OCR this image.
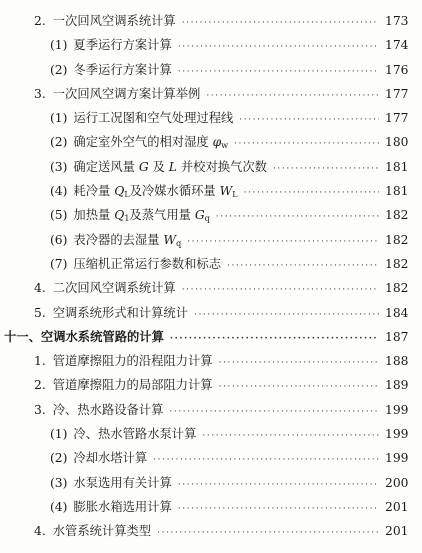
2. 一次回风空调系统计算 ·····	173
(1) 夏季运行方案计算 ·····	174
(2) 冬季运行方案计算 ·····	176
3. 一次回风空调方案计算举例 ·····	177
(1) 运行工况图和空气处理过程线 ·····	177
(2) 确定室外空气的相对湿度 $\varphi_w$ ·····	180
(3) 确定送风量 G 及 L 并校对换气次数 ·····	181
(4) 耗冷量 $Q_L$及冷媒水循环量 $W_L$ ·····	181
(5) 加热量 $Q_1$及蒸气用量 $G_q$ ·····	182
(6) 表冷器的去湿量 $W_q$ ·····	182
(7) 压缩机正常运行参数和标志 ·····	182
4. 二次回风空调系统计算 ·····	182
5. 空调系统形式和计算统计 ·····	184
十一、 空调水系统管路的计算 ·····	187
1. 管道摩擦阻力的沿程阻力计算 ·····	188
2. 管道摩擦阻力的局部阻力计算 ·····	189
3. 冷、热水路设备计算 ·····	199
(1) 冷、热水管路水泵计算 ·····	199
(2) 冷却水塔计算 ·····	199
(3) 水泵选用有关计算 ·····	200
(4) 膨胀水箱选用计算 ·····	201
4. 水管系统计算类型 ·····	201
